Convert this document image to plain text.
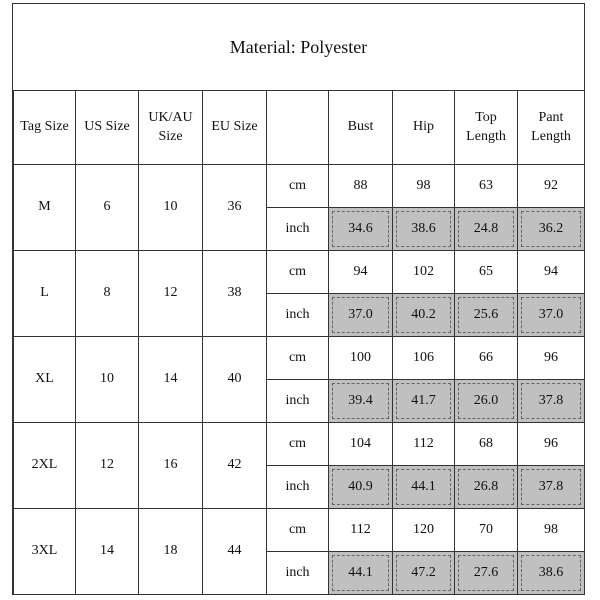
Material: Polyester
Tag Size	US Size	UK/AU Size	EU Size		Bust	Hip	Top Length	Pant Length
M	6	10	36	cm	88	98	63	92
				inch	34.6	38.6	24.8	36.2
L	8	12	38	cm	94	102	65	94
				inch	37.0	40.2	25.6	37.0
XL	10	14	40	cm	100	106	66	96
				inch	39.4	41.7	26.0	37.8
2XL	12	16	42	cm	104	112	68	96
				inch	40.9	44.1	26.8	37.8
3XL	14	18	44	cm	112	120	70	98
				inch	44.1	47.2	27.6	38.6
